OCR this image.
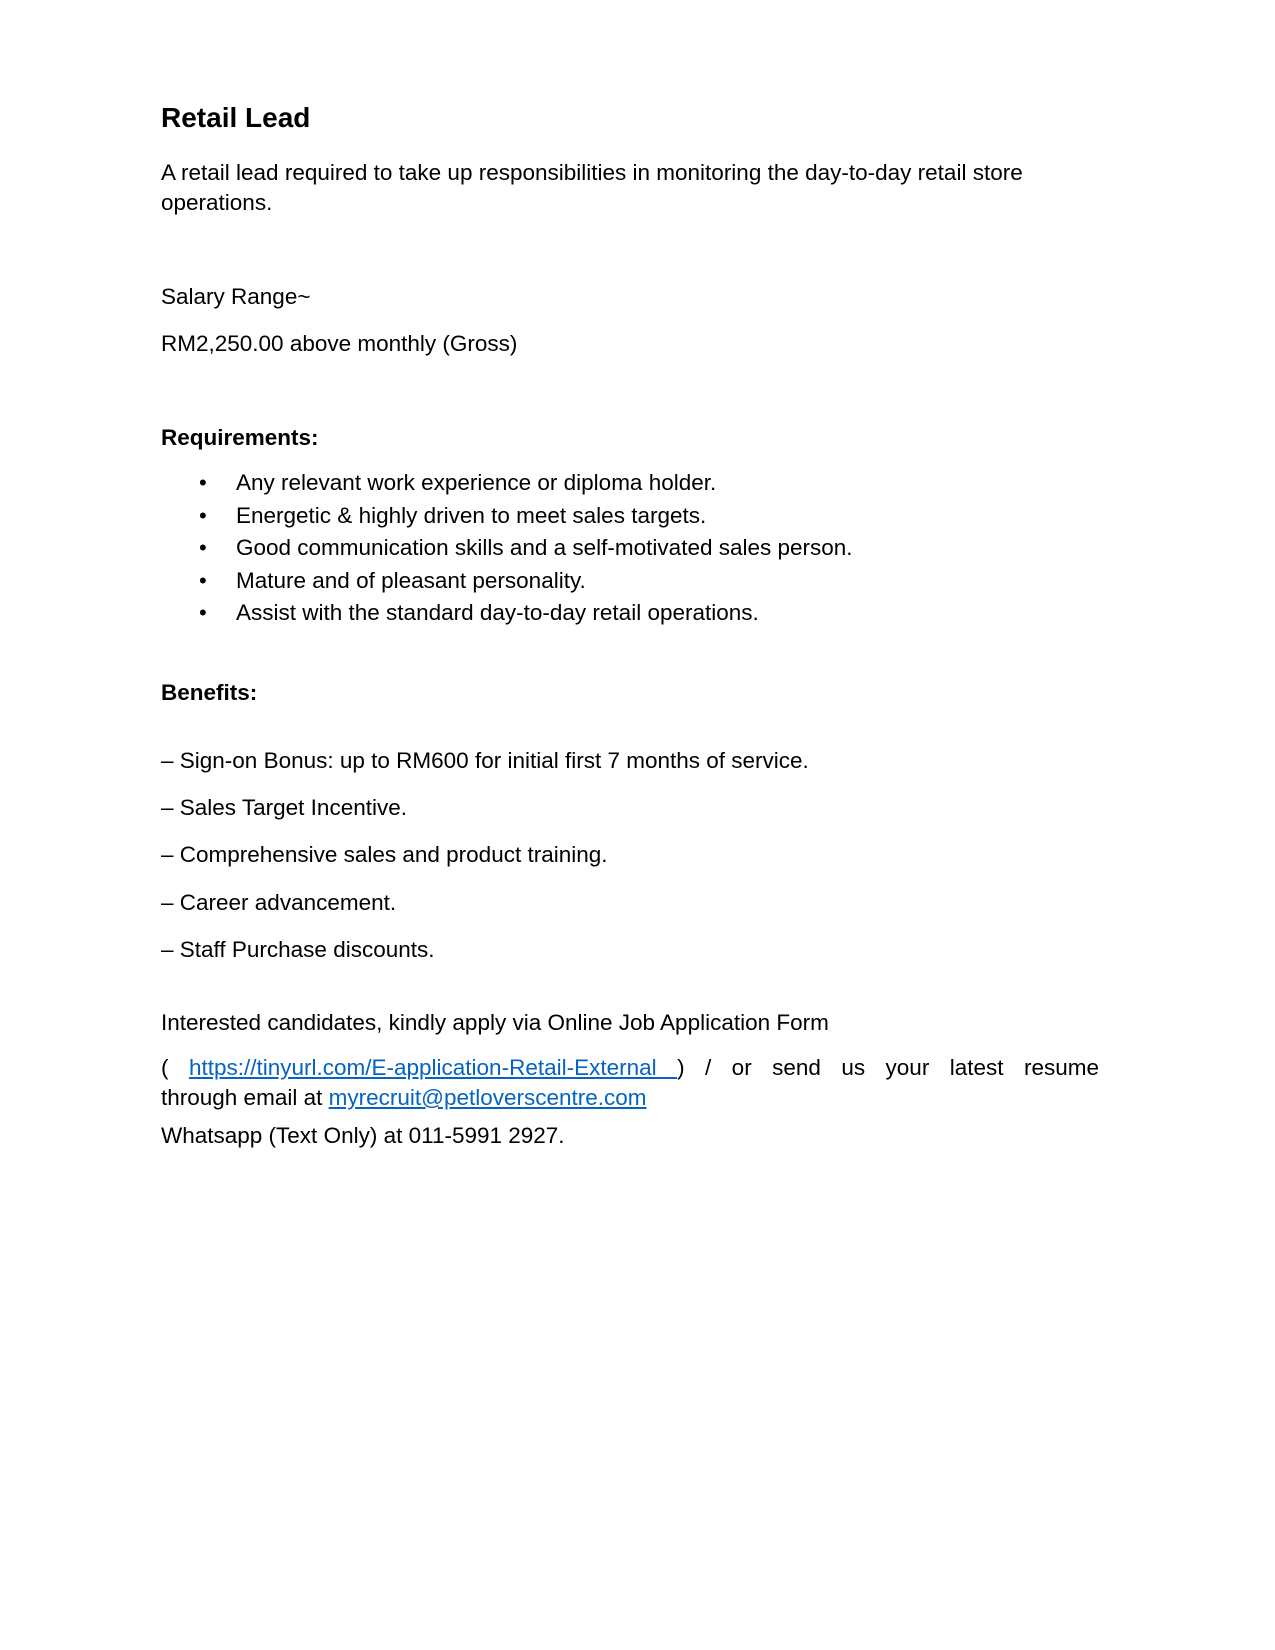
Retail Lead

A retail lead required to take up responsibilities in monitoring the day-to-day retail store operations.

Salary Range~

RM2,250.00 above monthly (Gross)

Requirements:

• Any relevant work experience or diploma holder.
• Energetic & highly driven to meet sales targets.
• Good communication skills and a self-motivated sales person.
• Mature and of pleasant personality.
• Assist with the standard day-to-day retail operations.

Benefits:

– Sign-on Bonus: up to RM600 for initial first 7 months of service.

– Sales Target Incentive.

– Comprehensive sales and product training.

– Career advancement.

– Staff Purchase discounts.

Interested candidates, kindly apply via Online Job Application Form

( https://tinyurl.com/E-application-Retail-External ) / or send us your latest resume
through email at myrecruit@petloverscentre.com

Whatsapp (Text Only) at 011-5991 2927.
